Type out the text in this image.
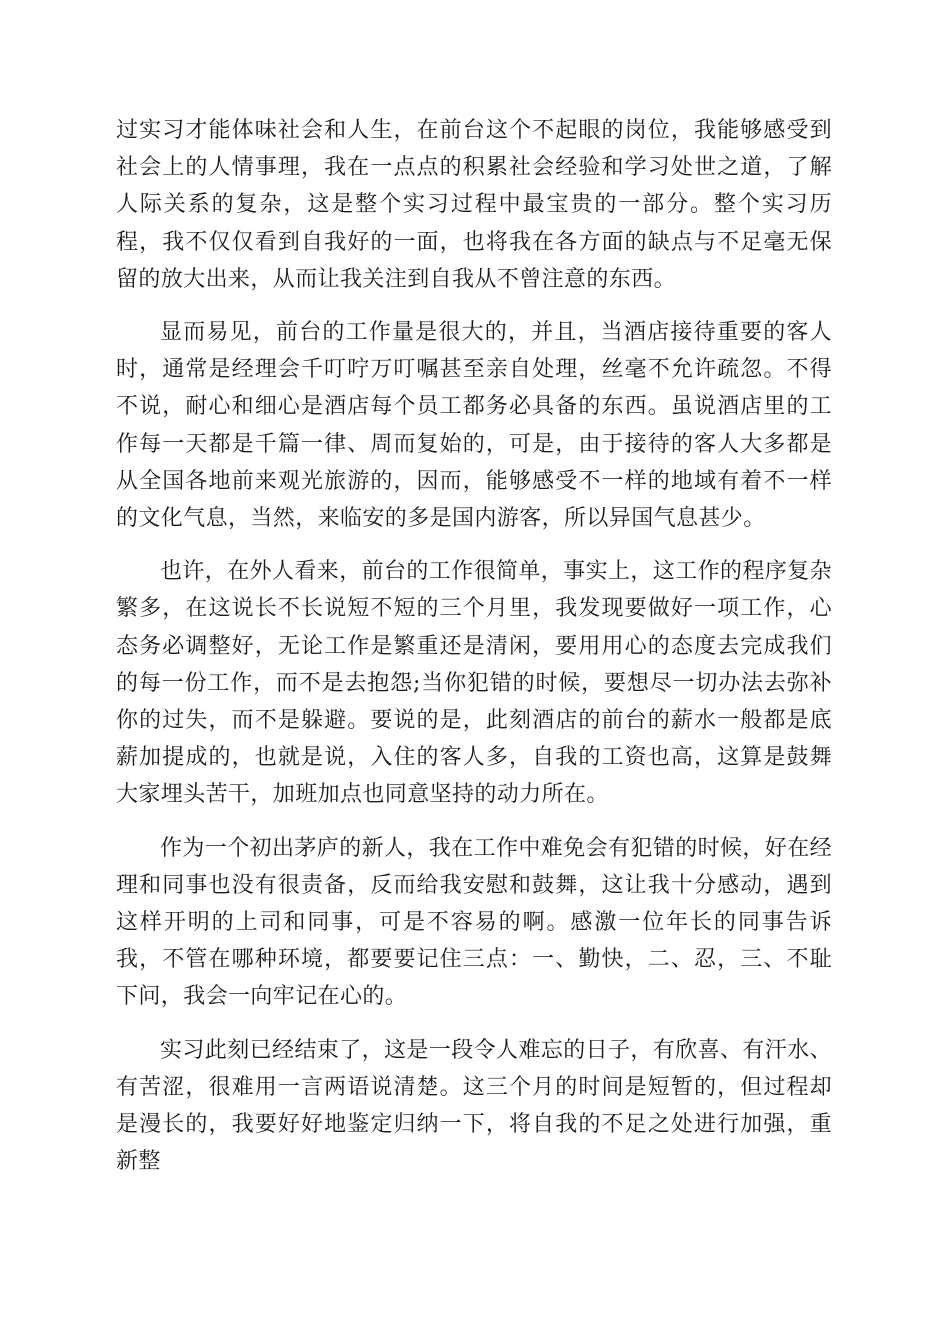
过实习才能体味社会和人生，在前台这个不起眼的岗位，我能够感受到社会上的人情事理，我在一点点的积累社会经验和学习处世之道，了解人际关系的复杂，这是整个实习过程中最宝贵的一部分。整个实习历程，我不仅仅看到自我好的一面，也将我在各方面的缺点与不足毫无保留的放大出来，从而让我关注到自我从不曾注意的东西。

显而易见，前台的工作量是很大的，并且，当酒店接待重要的客人时，通常是经理会千叮咛万叮嘱甚至亲自处理，丝毫不允许疏忽。不得不说，耐心和细心是酒店每个员工都务必具备的东西。虽说酒店里的工作每一天都是千篇一律、周而复始的，可是，由于接待的客人大多都是从全国各地前来观光旅游的，因而，能够感受不一样的地域有着不一样的文化气息，当然，来临安的多是国内游客，所以异国气息甚少。

也许，在外人看来，前台的工作很简单，事实上，这工作的程序复杂繁多，在这说长不长说短不短的三个月里，我发现要做好一项工作，心态务必调整好，无论工作是繁重还是清闲，要用用心的态度去完成我们的每一份工作，而不是去抱怨;当你犯错的时候，要想尽一切办法去弥补你的过失，而不是躲避。要说的是，此刻酒店的前台的薪水一般都是底薪加提成的，也就是说，入住的客人多，自我的工资也高，这算是鼓舞大家埋头苦干，加班加点也同意坚持的动力所在。

作为一个初出茅庐的新人，我在工作中难免会有犯错的时候，好在经理和同事也没有很责备，反而给我安慰和鼓舞，这让我十分感动，遇到这样开明的上司和同事，可是不容易的啊。感激一位年长的同事告诉我，不管在哪种环境，都要要记住三点：一、勤快，二、忍，三、不耻下问，我会一向牢记在心的。

实习此刻已经结束了，这是一段令人难忘的日子，有欣喜、有汗水、有苦涩，很难用一言两语说清楚。这三个月的时间是短暂的，但过程却是漫长的，我要好好地鉴定归纳一下，将自我的不足之处进行加强，重新整
